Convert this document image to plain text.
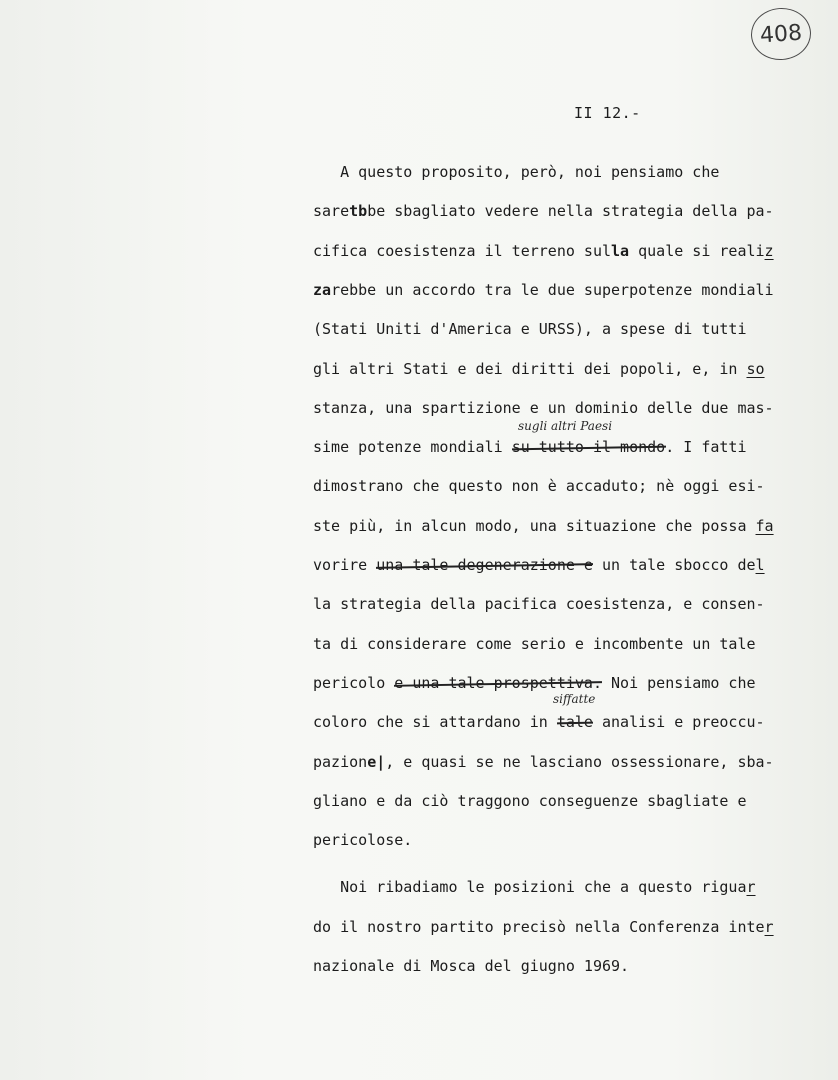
408
II 12.-
A questo proposito, però, noi pensiamo che
saretbbe sbagliato vedere nella strategia della pa-
cifica coesistenza il terreno sulla quale si realiz
zarebbe un accordo tra le due superpotenze mondiali
(Stati Uniti d'America e URSS), a spese di tutti
gli altri Stati e dei diritti dei popoli, e, in so
stanza, una spartizione e un dominio delle due mas-
sime potenze mondiali su tutto il mondo. I fatti
dimostrano che questo non è accaduto; nè oggi esi-
ste più, in alcun modo, una situazione che possa fa
vorire una tale degenerazione e un tale sbocco del
la strategia della pacifica coesistenza, e consen-
ta di considerare come serio e incombente un tale
pericolo e una tale prospettiva. Noi pensiamo che
coloro che si attardano in tale analisi e preoccu-
pazione|, e quasi se ne lasciano ossessionare, sba-
gliano e da ciò traggono conseguenze sbagliate e
pericolose.
Noi ribadiamo le posizioni che a questo riguar
do il nostro partito precisò nella Conferenza inter
nazionale di Mosca del giugno 1969.
sugli altri Paesi
siffatte
